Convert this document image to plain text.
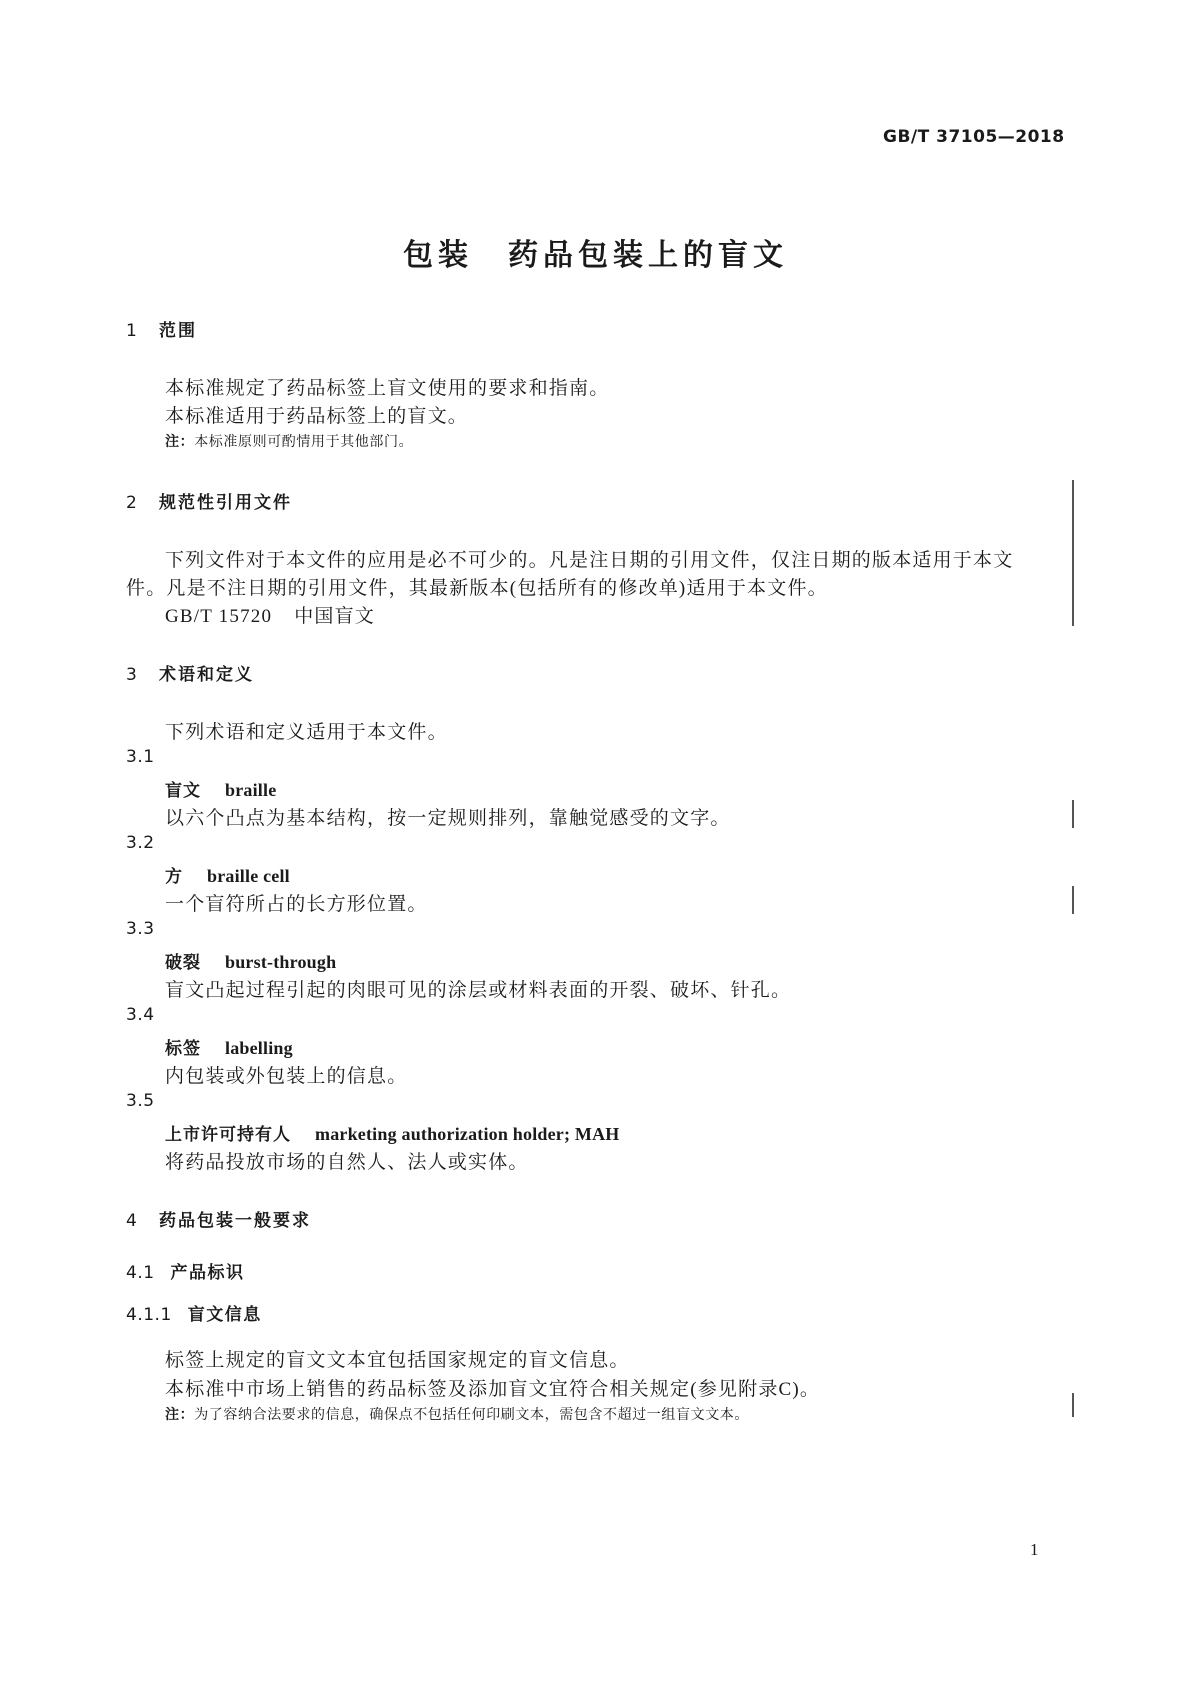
GB/T 37105—2018
包装　药品包装上的盲文
1 范围
本标准规定了药品标签上盲文使用的要求和指南。
本标准适用于药品标签上的盲文。
注：本标准原则可酌情用于其他部门。
2 规范性引用文件
下列文件对于本文件的应用是必不可少的。凡是注日期的引用文件，仅注日期的版本适用于本文
件。凡是不注日期的引用文件，其最新版本(包括所有的修改单)适用于本文件。
GB/T 15720 中国盲文
3 术语和定义
下列术语和定义适用于本文件。
3.1
盲文 braille
以六个凸点为基本结构，按一定规则排列，靠触觉感受的文字。
3.2
方 braille cell
一个盲符所占的长方形位置。
3.3
破裂 burst-through
盲文凸起过程引起的肉眼可见的涂层或材料表面的开裂、破坏、针孔。
3.4
标签 labelling
内包装或外包装上的信息。
3.5
上市许可持有人 marketing authorization holder; MAH
将药品投放市场的自然人、法人或实体。
4 药品包装一般要求
4.1 产品标识
4.1.1 盲文信息
标签上规定的盲文文本宜包括国家规定的盲文信息。
本标准中市场上销售的药品标签及添加盲文宜符合相关规定(参见附录C)。
注：为了容纳合法要求的信息，确保点不包括任何印刷文本，需包含不超过一组盲文文本。
1
